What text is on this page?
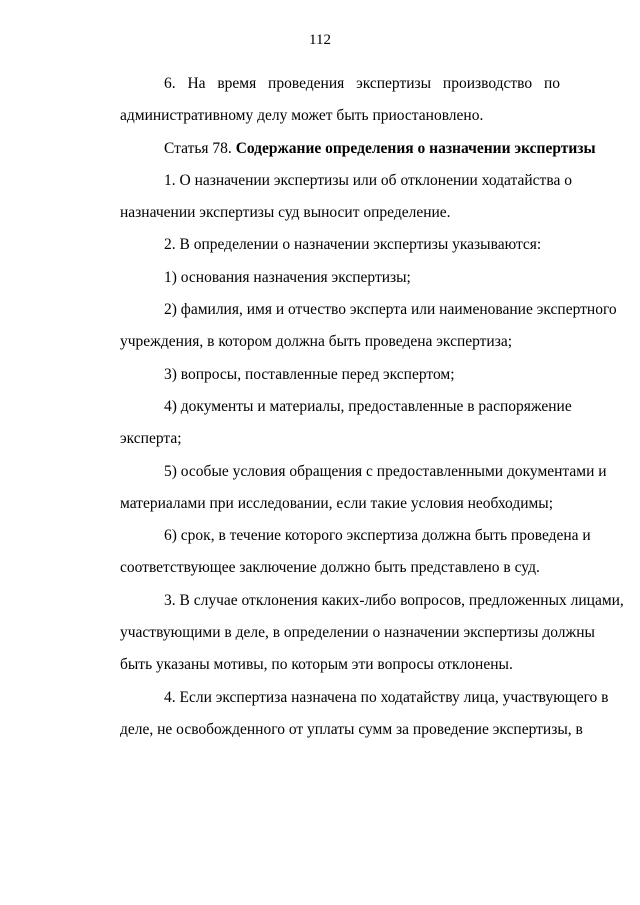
112

6. На время проведения экспертизы производство по
административному делу может быть приостановлено.

Статья 78. Содержание определения о назначении экспертизы

1. О назначении экспертизы или об отклонении ходатайства о
назначении экспертизы суд выносит определение.

2. В определении о назначении экспертизы указываются:

1) основания назначения экспертизы;

2) фамилия, имя и отчество эксперта или наименование экспертного
учреждения, в котором должна быть проведена экспертиза;

3) вопросы, поставленные перед экспертом;

4) документы и материалы, предоставленные в распоряжение
эксперта;

5) особые условия обращения с предоставленными документами и
материалами при исследовании, если такие условия необходимы;

6) срок, в течение которого экспертиза должна быть проведена и
соответствующее заключение должно быть представлено в суд.

3. В случае отклонения каких-либо вопросов, предложенных лицами,
участвующими в деле, в определении о назначении экспертизы должны
быть указаны мотивы, по которым эти вопросы отклонены.

4. Если экспертиза назначена по ходатайству лица, участвующего в
деле, не освобожденного от уплаты сумм за проведение экспертизы, в
